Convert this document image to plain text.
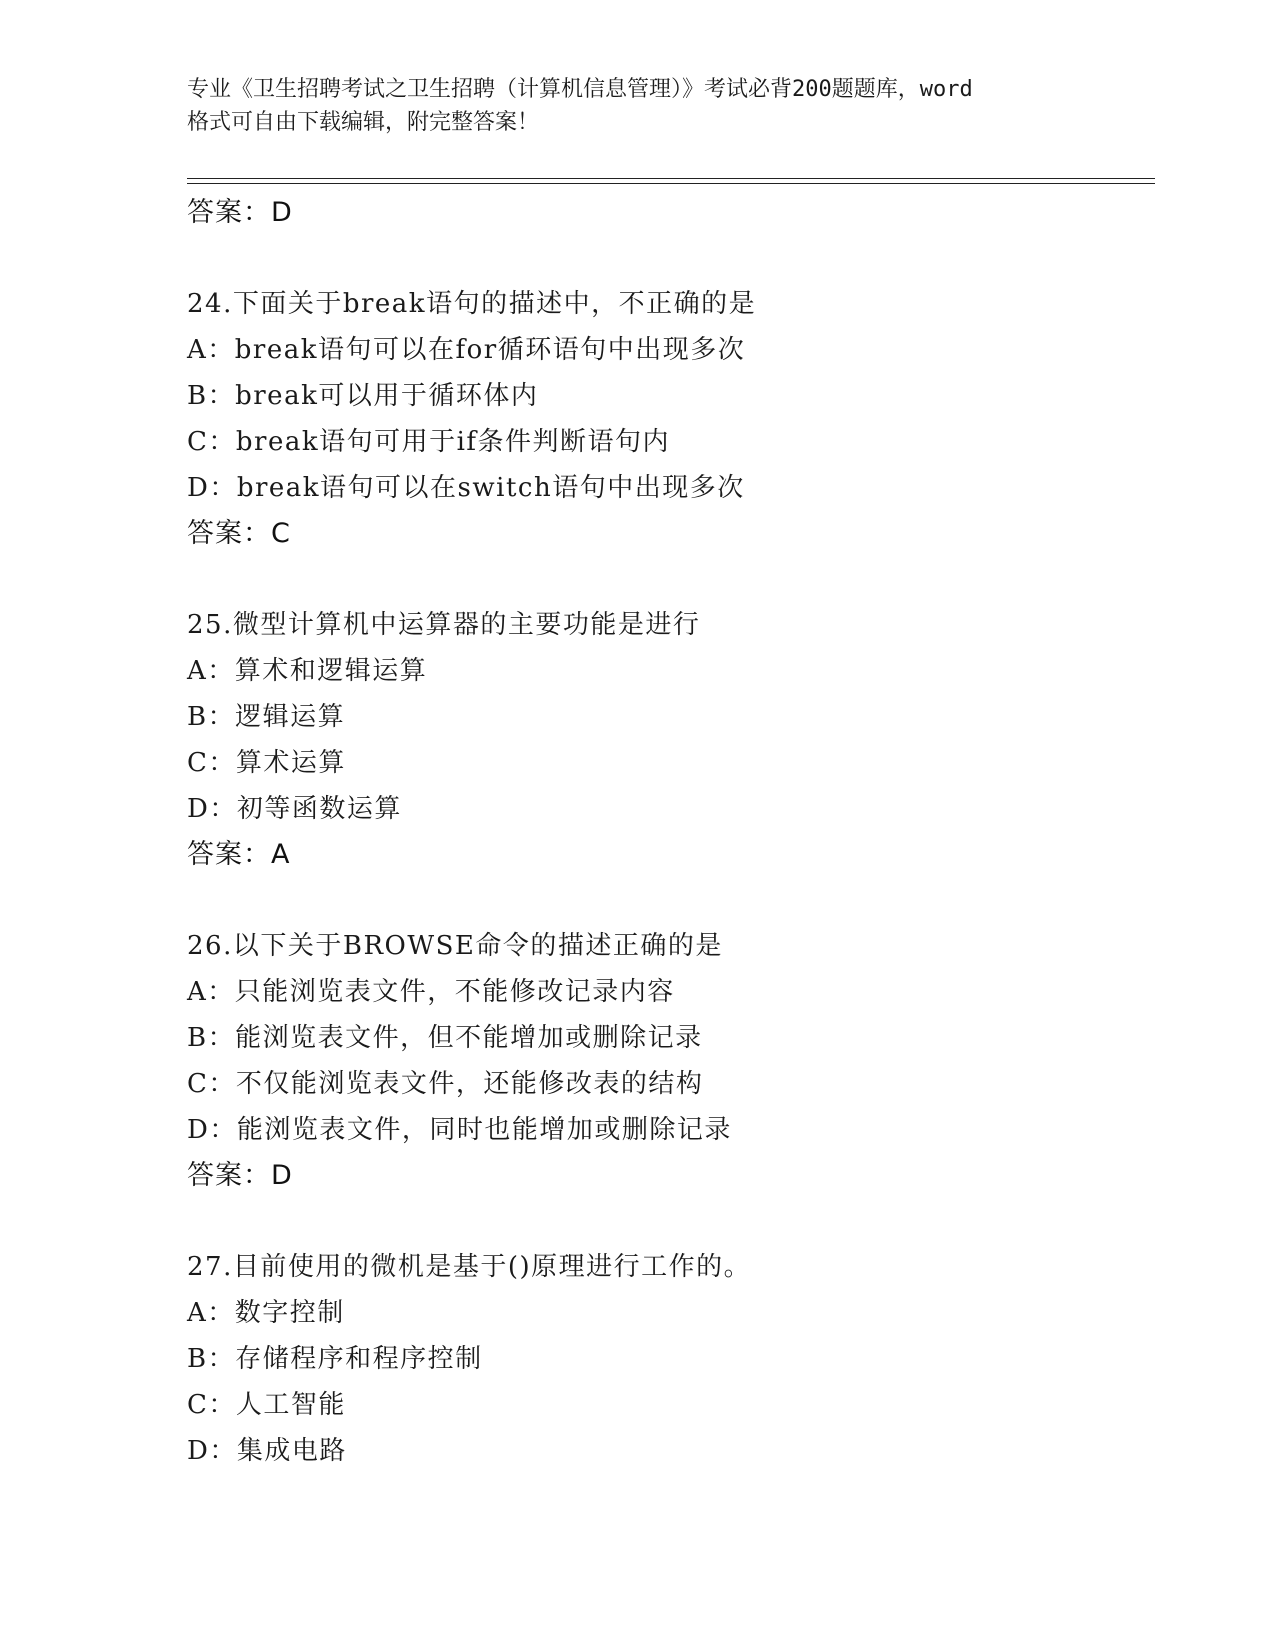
专业《卫生招聘考试之卫生招聘（计算机信息管理）》考试必背200题题库，word
格式可自由下载编辑，附完整答案！
答案：D
24.下面关于break语句的描述中，不正确的是
A：break语句可以在for循环语句中出现多次
B：break可以用于循环体内
C：break语句可用于if条件判断语句内
D：break语句可以在switch语句中出现多次
答案：C
25.微型计算机中运算器的主要功能是进行
A：算术和逻辑运算
B：逻辑运算
C：算术运算
D：初等函数运算
答案：A
26.以下关于BROWSE命令的描述正确的是
A：只能浏览表文件，不能修改记录内容
B：能浏览表文件，但不能增加或删除记录
C：不仅能浏览表文件，还能修改表的结构
D：能浏览表文件，同时也能增加或删除记录
答案：D
27.目前使用的微机是基于()原理进行工作的。
A：数字控制
B：存储程序和程序控制
C：人工智能
D：集成电路
